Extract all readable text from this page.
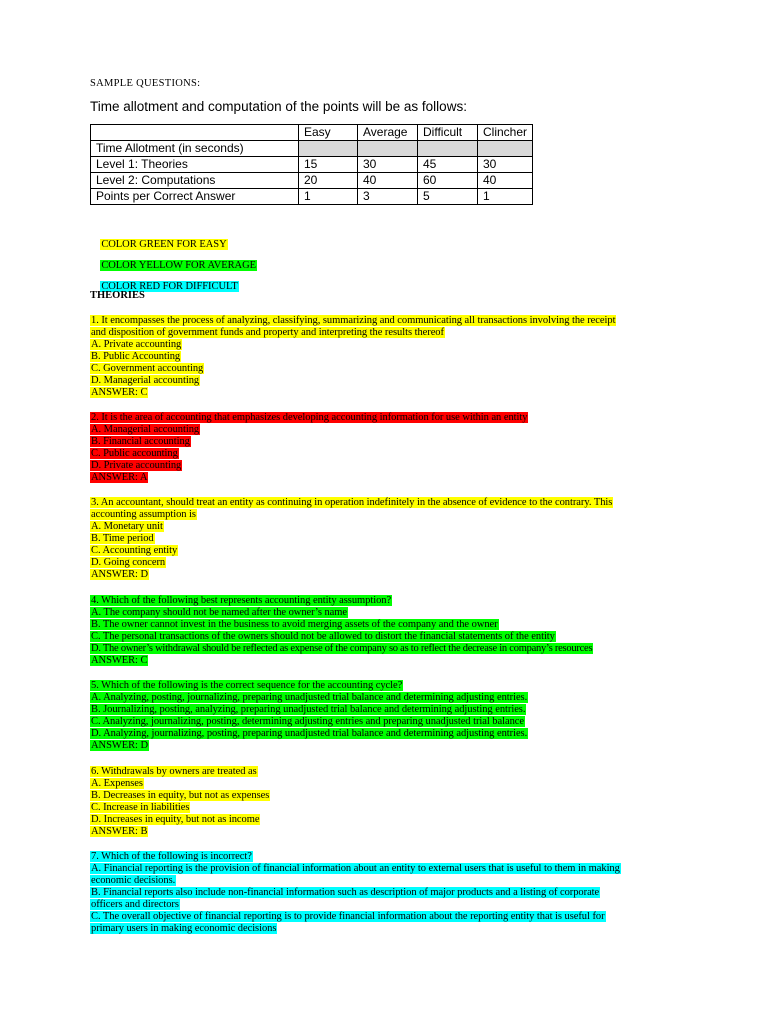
SAMPLE QUESTIONS:
Time allotment and computation of the points will be as follows:
	Easy	Average	Difficult	Clincher
Time Allotment (in seconds)				
Level 1: Theories	15	30	45	30
Level 2: Computations	20	40	60	40
Points per Correct Answer	1	3	5	1

COLOR GREEN FOR EASY

COLOR YELLOW FOR AVERAGE

COLOR RED FOR DIFFICULT

THEORIES
1. It encompasses the process of analyzing, classifying, summarizing and communicating all transactions involving the receipt
and disposition of government funds and property and interpreting the results thereof
A. Private accounting
B. Public Accounting
C. Government accounting
D. Managerial accounting
ANSWER: C
2. It is the area of accounting that emphasizes developing accounting information for use within an entity
A. Managerial accounting
B. Financial accounting
C. Public accounting
D. Private accounting
ANSWER: A
3. An accountant, should treat an entity as continuing in operation indefinitely in the absence of evidence to the contrary. This
accounting assumption is
A. Monetary unit
B. Time period
C. Accounting entity
D. Going concern
ANSWER: D
4. Which of the following best represents accounting entity assumption?
A. The company should not be named after the owner’s name
B. The owner cannot invest in the business to avoid merging assets of the company and the owner
C. The personal transactions of the owners should not be allowed to distort the financial statements of the entity
D. The owner’s withdrawal should be reflected as expense of the company so as to reflect the decrease in company’s resources
ANSWER: C
5. Which of the following is the correct sequence for the accounting cycle?
A. Analyzing, posting, journalizing, preparing unadjusted trial balance and determining adjusting entries.
B. Journalizing, posting, analyzing, preparing unadjusted trial balance and determining adjusting entries.
C. Analyzing, journalizing, posting, determining adjusting entries and preparing unadjusted trial balance
D. Analyzing, journalizing, posting, preparing unadjusted trial balance and determining adjusting entries.
ANSWER: D
6. Withdrawals by owners are treated as
A. Expenses
B. Decreases in equity, but not as expenses
C. Increase in liabilities
D. Increases in equity, but not as income
ANSWER: B
7. Which of the following is incorrect?
A. Financial reporting is the provision of financial information about an entity to external users that is useful to them in making
economic decisions.
B. Financial reports also include non-financial information such as description of major products and a listing of corporate
officers and directors
C. The overall objective of financial reporting is to provide financial information about the reporting entity that is useful for
primary users in making economic decisions
